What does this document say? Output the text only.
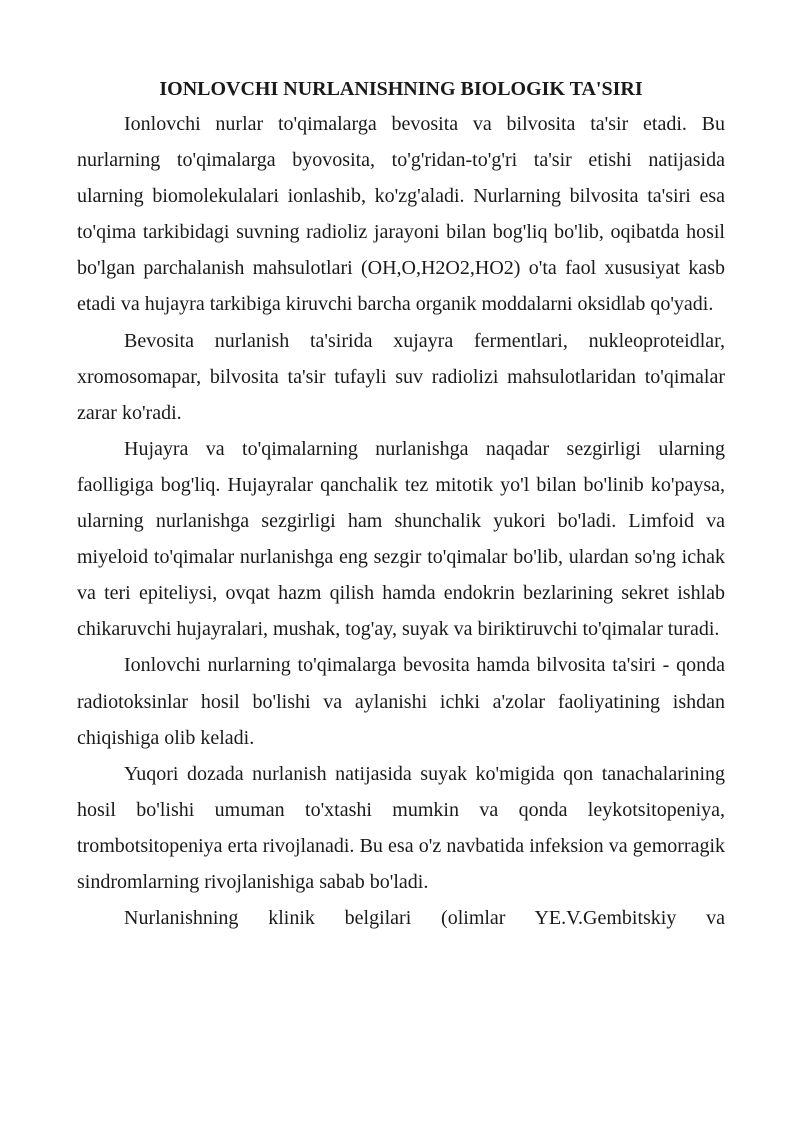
IONLOVCHI NURLANISHNING BIOLOGIK TA'SIRI

Ionlovchi nurlar to'qimalarga bevosita va bilvosita ta'sir etadi. Bu nurlarning to'qimalarga byovosita, to'g'ridan-to'g'ri ta'sir etishi natijasida ularning biomolekulalari ionlashib, ko'zg'aladi. Nurlarning bilvosita ta'siri esa to'qima tarkibidagi suvning radioliz jarayoni bilan bog'liq bo'lib, oqibatda hosil bo'lgan parchalanish mahsulotlari (OH,O,H2O2,HO2) o'ta faol xususiyat kasb etadi va hujayra tarkibiga kiruvchi barcha organik moddalarni oksidlab qo'yadi.

Bevosita nurlanish ta'sirida xujayra fermentlari, nukleoproteidlar, xromosomapar, bilvosita ta'sir tufayli suv radiolizi mahsulotlaridan to'qimalar zarar ko'radi.

Hujayra va to'qimalarning nurlanishga naqadar sezgirligi ularning faolligiga bog'liq. Hujayralar qanchalik tez mitotik yo'l bilan bo'linib ko'paysa, ularning nurlanishga sezgirligi ham shunchalik yukori bo'ladi. Limfoid va miyeloid to'qimalar nurlanishga eng sezgir to'qimalar bo'lib, ulardan so'ng ichak va teri epiteliysi, ovqat hazm qilish hamda endokrin bezlarining sekret ishlab chikaruvchi hujayralari, mushak, tog'ay, suyak va biriktiruvchi to'qimalar turadi.

Ionlovchi nurlarning to'qimalarga bevosita hamda bilvosita ta'siri - qonda radiotoksinlar hosil bo'lishi va aylanishi ichki a'zolar faoliyatining ishdan chiqishiga olib keladi.

Yuqori dozada nurlanish natijasida suyak ko'migida qon tanachalarining hosil bo'lishi umuman to'xtashi mumkin va qonda leykotsitopeniya, trombotsitopeniya erta rivojlanadi. Bu esa o'z navbatida infeksion va gemorragik sindromlarning rivojlanishiga sabab bo'ladi.

Nurlanishning klinik belgilari (olimlar YE.V.Gembitskiy va
